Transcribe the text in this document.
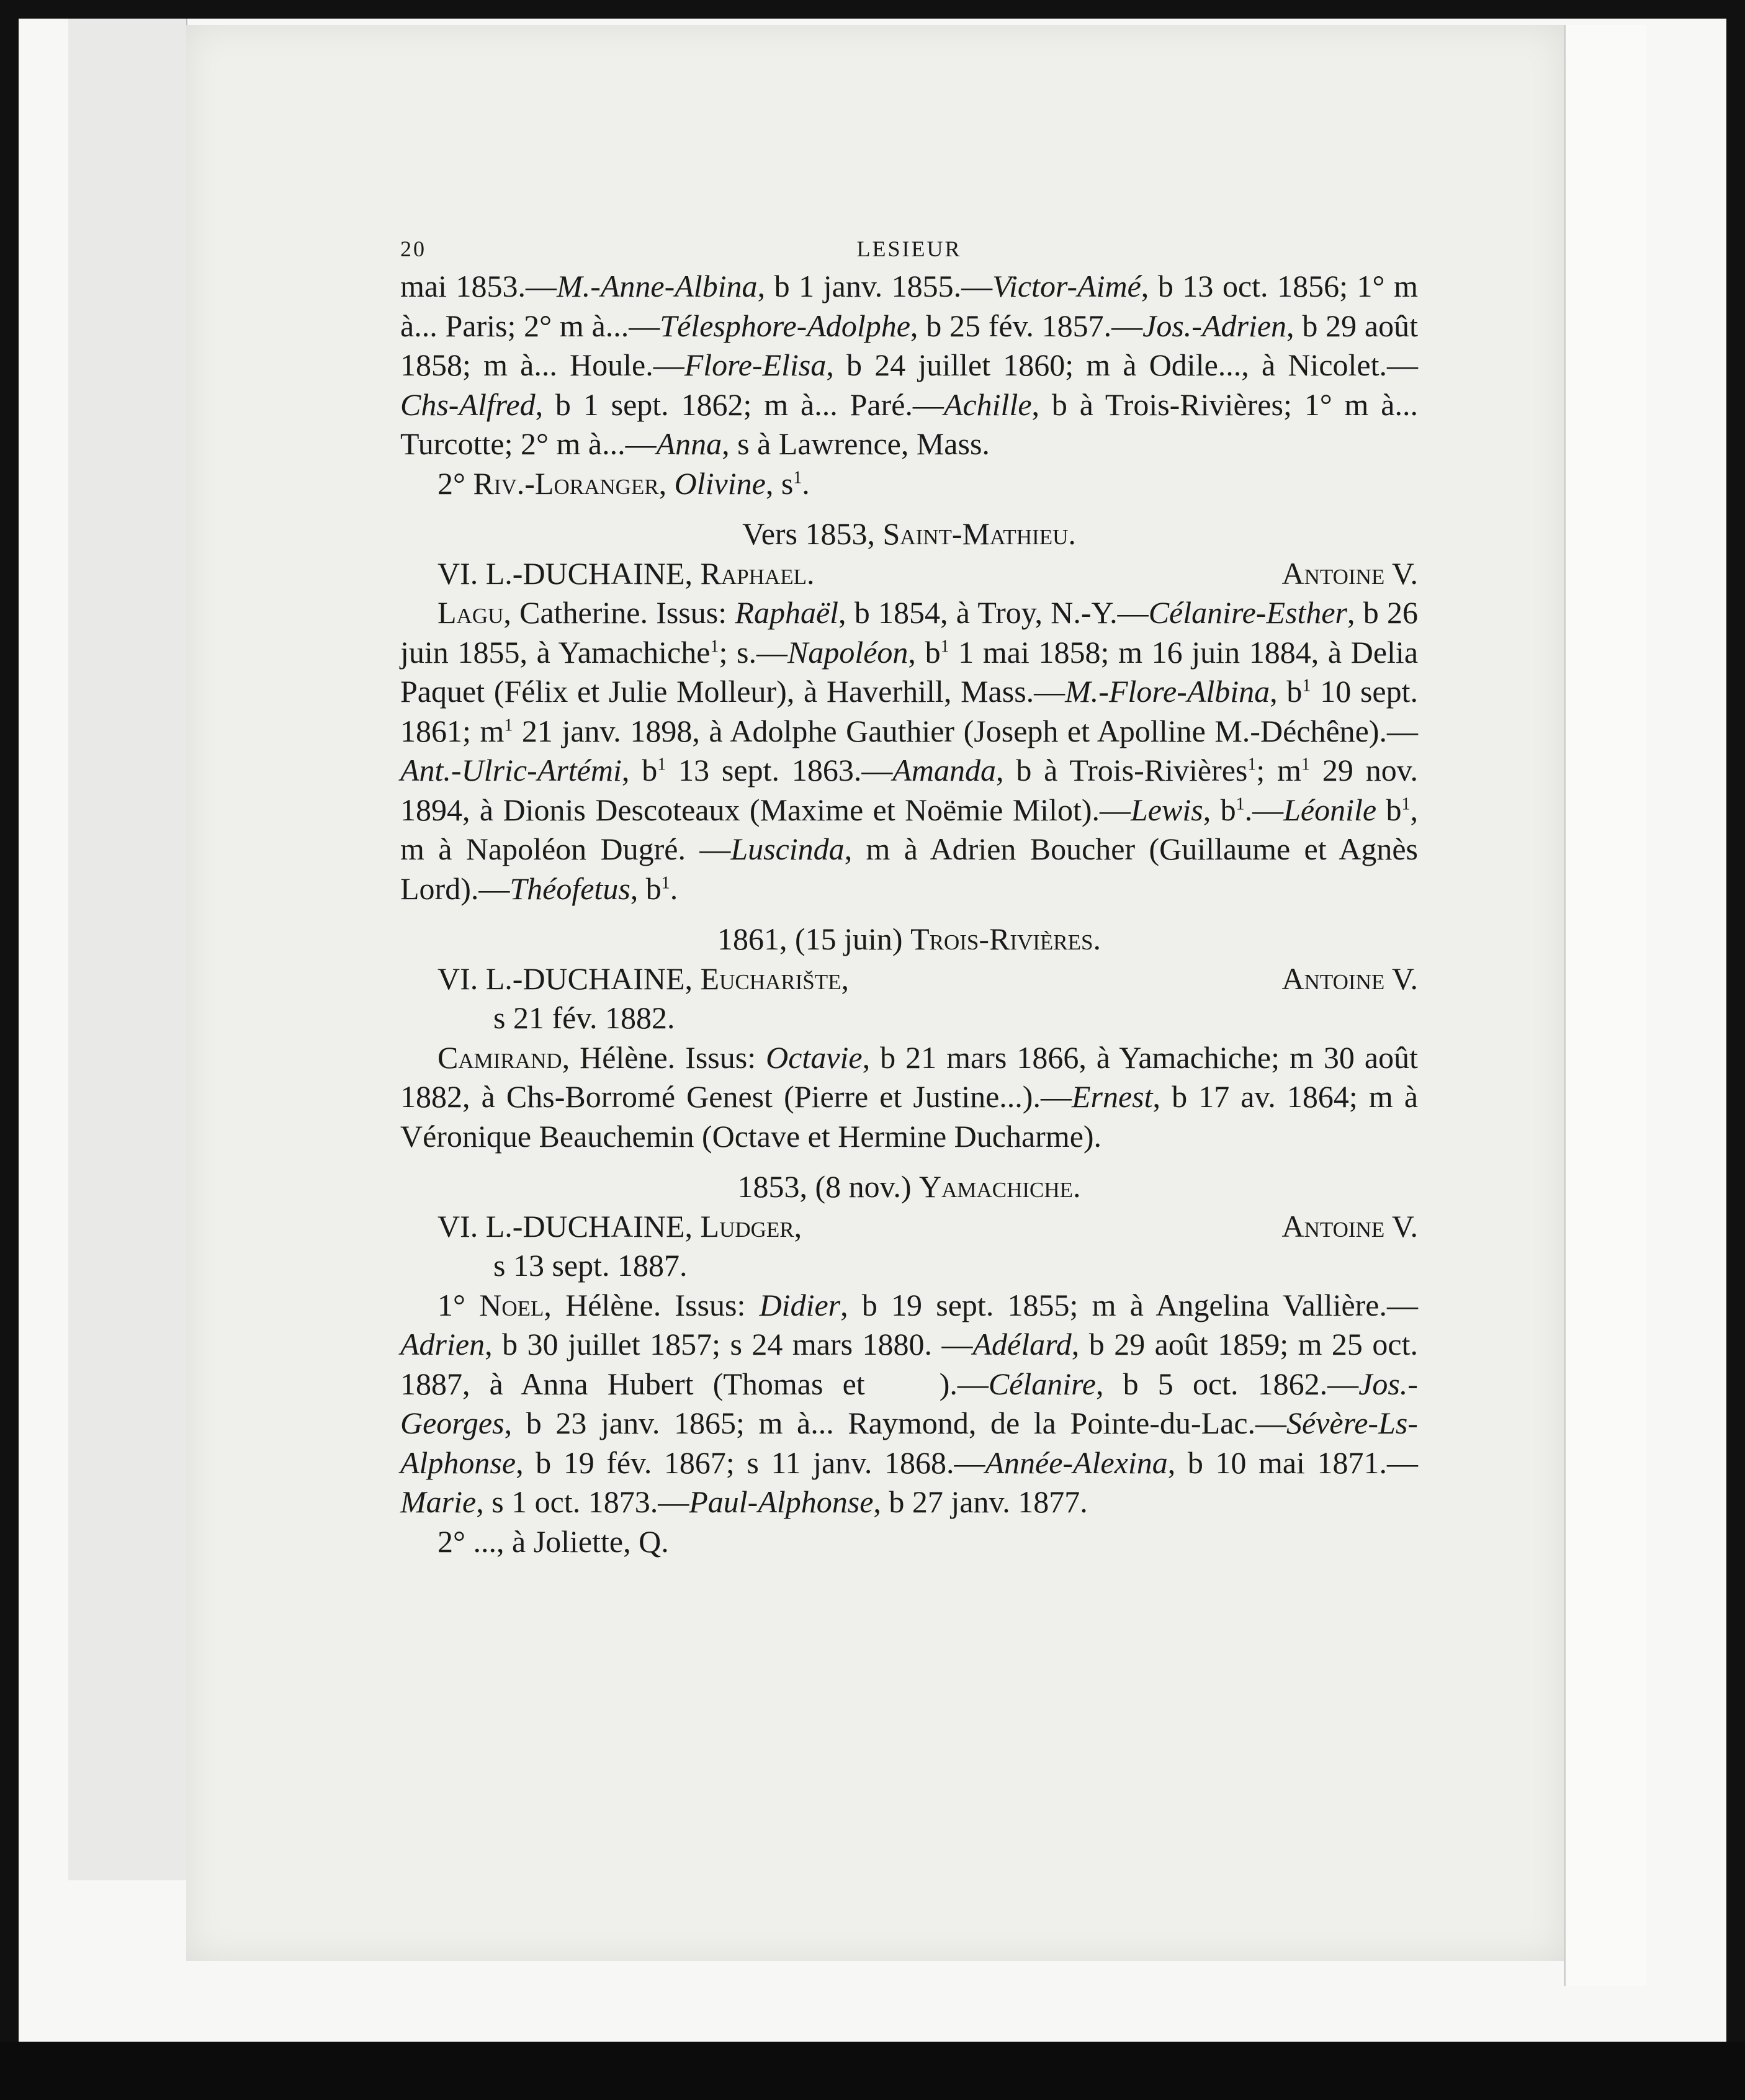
20	LESIEUR

mai 1853.—M.-Anne-Albina, b 1 janv. 1855.—Victor-Aimé, b 13 oct. 1856; 1° m à... Paris; 2° m à...—Télesphore-Adolphe, b 25 fév. 1857.—Jos.-Adrien, b 29 août 1858; m à... Houle.—Flore-Elisa, b 24 juillet 1860; m à Odile..., à Nicolet.—Chs-Alfred, b 1 sept. 1862; m à... Paré.—Achille, b à Trois-Rivières; 1° m à... Turcotte; 2° m à...—Anna, s à Lawrence, Mass.

2° Riv.-Loranger, Olivine, $s^1$.

Vers 1853, Saint-Mathieu.

VI. L.-DUCHAINE, Raphael.	Antoine V.

Lagu, Catherine. Issus: Raphaël, b 1854, à Troy, N.-Y.—Célanire-Esther, b 26 juin 1855, à Yamachiche$^1$; s.—Napoléon, $b^1$ 1 mai 1858; m 16 juin 1884, à Delia Paquet (Félix et Julie Molleur), à Haverhill, Mass.—M.-Flore-Albina, $b^1$ 10 sept. 1861; $m^1$ 21 janv. 1898, à Adolphe Gauthier (Joseph et Apolline M.-Déchêne).—Ant.-Ulric-Artémi, $b^1$ 13 sept. 1863.—Amanda, b à Trois-Rivières$^1$; $m^1$ 29 nov. 1894, à Dionis Descoteaux (Maxime et Noëmie Milot).—Lewis, $b^1.—Léonile$ $b^1$, m à Napoléon Dugré. —Luscinda, m à Adrien Boucher (Guillaume et Agnès Lord).—Théofetus, $b^1$.

1861, (15 juin) Trois-Rivières.

VI. L.-DUCHAINE, Eucharište,	Antoine V.

s 21 fév. 1882.

Camirand, Hélène. Issus: Octavie, b 21 mars 1866, à Yamachiche; m 30 août 1882, à Chs-Borromé Genest (Pierre et Justine...).—Ernest, b 17 av. 1864; m à Véronique Beauchemin (Octave et Hermine Ducharme).

1853, (8 nov.) Yamachiche.

VI. L.-DUCHAINE, Ludger,	Antoine V.

s 13 sept. 1887.

1° Noel, Hélène. Issus: Didier, b 19 sept. 1855; m à Angelina Vallière.—Adrien, b 30 juillet 1857; s 24 mars 1880. —Adélard, b 29 août 1859; m 25 oct. 1887, à Anna Hubert (Thomas et ).—Célanire, b 5 oct. 1862.—Jos.-Georges, b 23 janv. 1865; m à... Raymond, de la Pointe-du-Lac.—Sévère-Ls-Alphonse, b 19 fév. 1867; s 11 janv. 1868.—Année-Alexina, b 10 mai 1871.—Marie, s 1 oct. 1873.—Paul-Alphonse, b 27 janv. 1877.

2° ..., à Joliette, Q.
